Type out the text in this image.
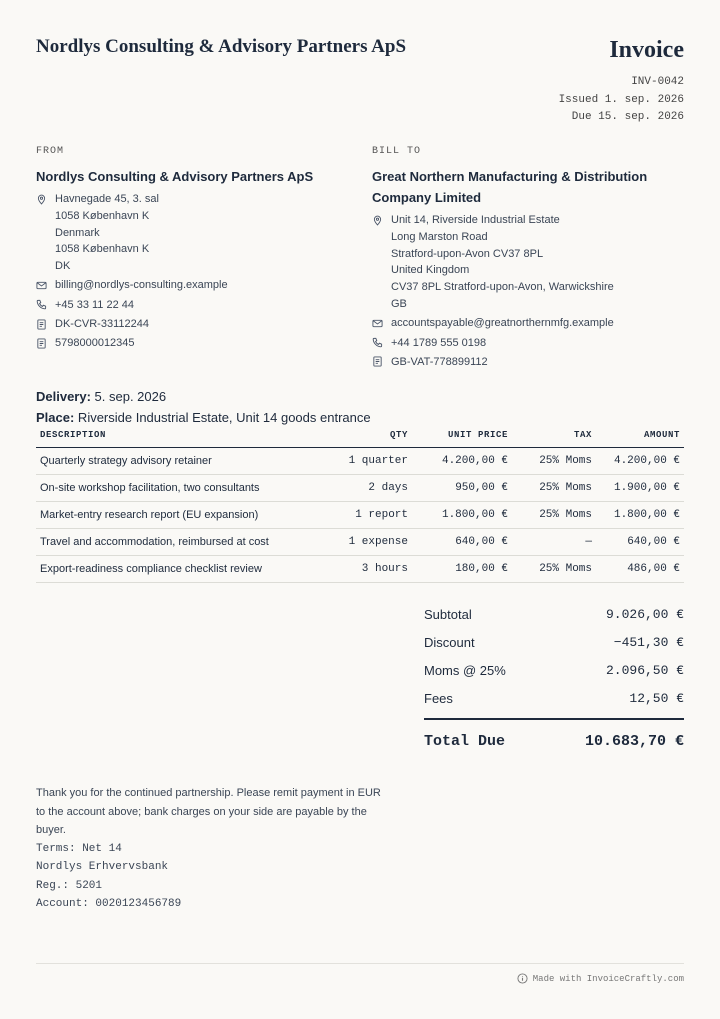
Nordlys Consulting & Advisory Partners ApS	Invoice
INV-0042
Issued 1. sep. 2026
Due 15. sep. 2026
FROM
Nordlys Consulting & Advisory Partners ApS
Havnegade 45, 3. sal
1058 København K
Denmark
1058 København K
DK
billing@nordlys-consulting.example
+45 33 11 22 44
DK-CVR-33112244
5798000012345
BILL TO
Great Northern Manufacturing & Distribution Company Limited
Unit 14, Riverside Industrial Estate
Long Marston Road
Stratford-upon-Avon CV37 8PL
United Kingdom
CV37 8PL Stratford-upon-Avon, Warwickshire
GB
accountspayable@greatnorthernmfg.example
+44 1789 555 0198
GB-VAT-778899112
Delivery: 5. sep. 2026
Place: Riverside Industrial Estate, Unit 14 goods entrance
DESCRIPTION	QTY	UNIT PRICE	TAX	AMOUNT
Quarterly strategy advisory retainer	1 quarter	4.200,00 €	25% Moms	4.200,00 €
On-site workshop facilitation, two consultants	2 days	950,00 €	25% Moms	1.900,00 €
Market-entry research report (EU expansion)	1 report	1.800,00 €	25% Moms	1.800,00 €
Travel and accommodation, reimbursed at cost	1 expense	640,00 €	—	640,00 €
Export-readiness compliance checklist review	3 hours	180,00 €	25% Moms	486,00 €
Subtotal	9.026,00 €
Discount	−451,30 €
Moms @ 25%	2.096,50 €
Fees	12,50 €
Total Due	10.683,70 €
Thank you for the continued partnership. Please remit payment in EUR to the account above; bank charges on your side are payable by the buyer.
Terms: Net 14
Nordlys Erhvervsbank
Reg.: 5201
Account: 0020123456789
Made with InvoiceCraftly.com
